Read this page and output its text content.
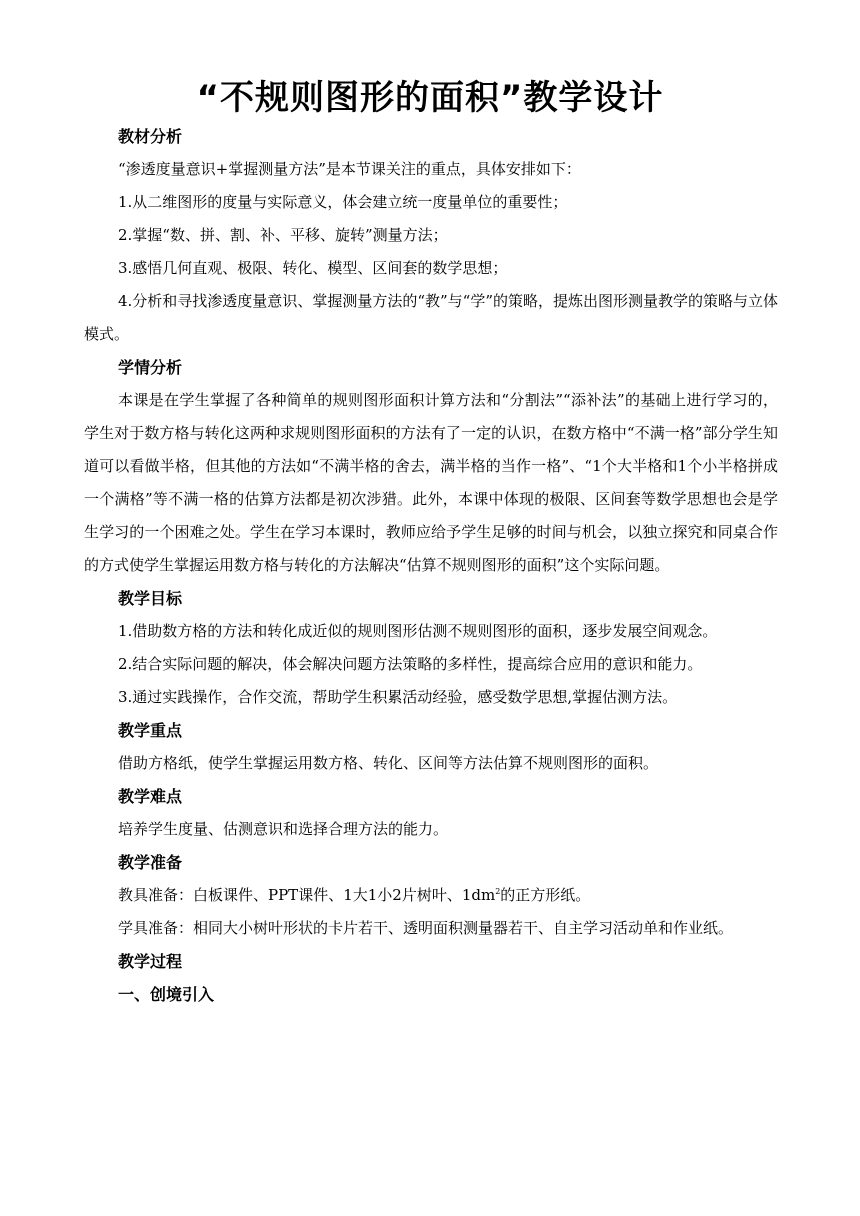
“不规则图形的面积”教学设计
教材分析

“渗透度量意识+掌握测量方法”是本节课关注的重点，具体安排如下：

1.从二维图形的度量与实际意义，体会建立统一度量单位的重要性；

2.掌握“数、拼、割、补、平移、旋转”测量方法；

3.感悟几何直观、极限、转化、模型、区间套的数学思想；

4.分析和寻找渗透度量意识、掌握测量方法的“教”与“学”的策略，提炼出图形测量教学的策略与立体模式。

学情分析

本课是在学生掌握了各种简单的规则图形面积计算方法和“分割法”“添补法”的基础上进行学习的，学生对于数方格与转化这两种求规则图形面积的方法有了一定的认识，在数方格中“不满一格”部分学生知道可以看做半格，但其他的方法如“不满半格的舍去，满半格的当作一格”、“1个大半格和1个小半格拼成一个满格”等不满一格的估算方法都是初次涉猎。此外，本课中体现的极限、区间套等数学思想也会是学生学习的一个困难之处。学生在学习本课时，教师应给予学生足够的时间与机会，以独立探究和同桌合作的方式使学生掌握运用数方格与转化的方法解决“估算不规则图形的面积”这个实际问题。

教学目标

1.借助数方格的方法和转化成近似的规则图形估测不规则图形的面积，逐步发展空间观念。

2.结合实际问题的解决，体会解决问题方法策略的多样性，提高综合应用的意识和能力。

3.通过实践操作，合作交流，帮助学生积累活动经验，感受数学思想,掌握估测方法。

教学重点

借助方格纸，使学生掌握运用数方格、转化、区间等方法估算不规则图形的面积。

教学难点

培养学生度量、估测意识和选择合理方法的能力。

教学准备

教具准备：白板课件、PPT课件、1大1小2片树叶、$1dm^2$的正方形纸。

学具准备：相同大小树叶形状的卡片若干、透明面积测量器若干、自主学习活动单和作业纸。

教学过程
一、创境引入
